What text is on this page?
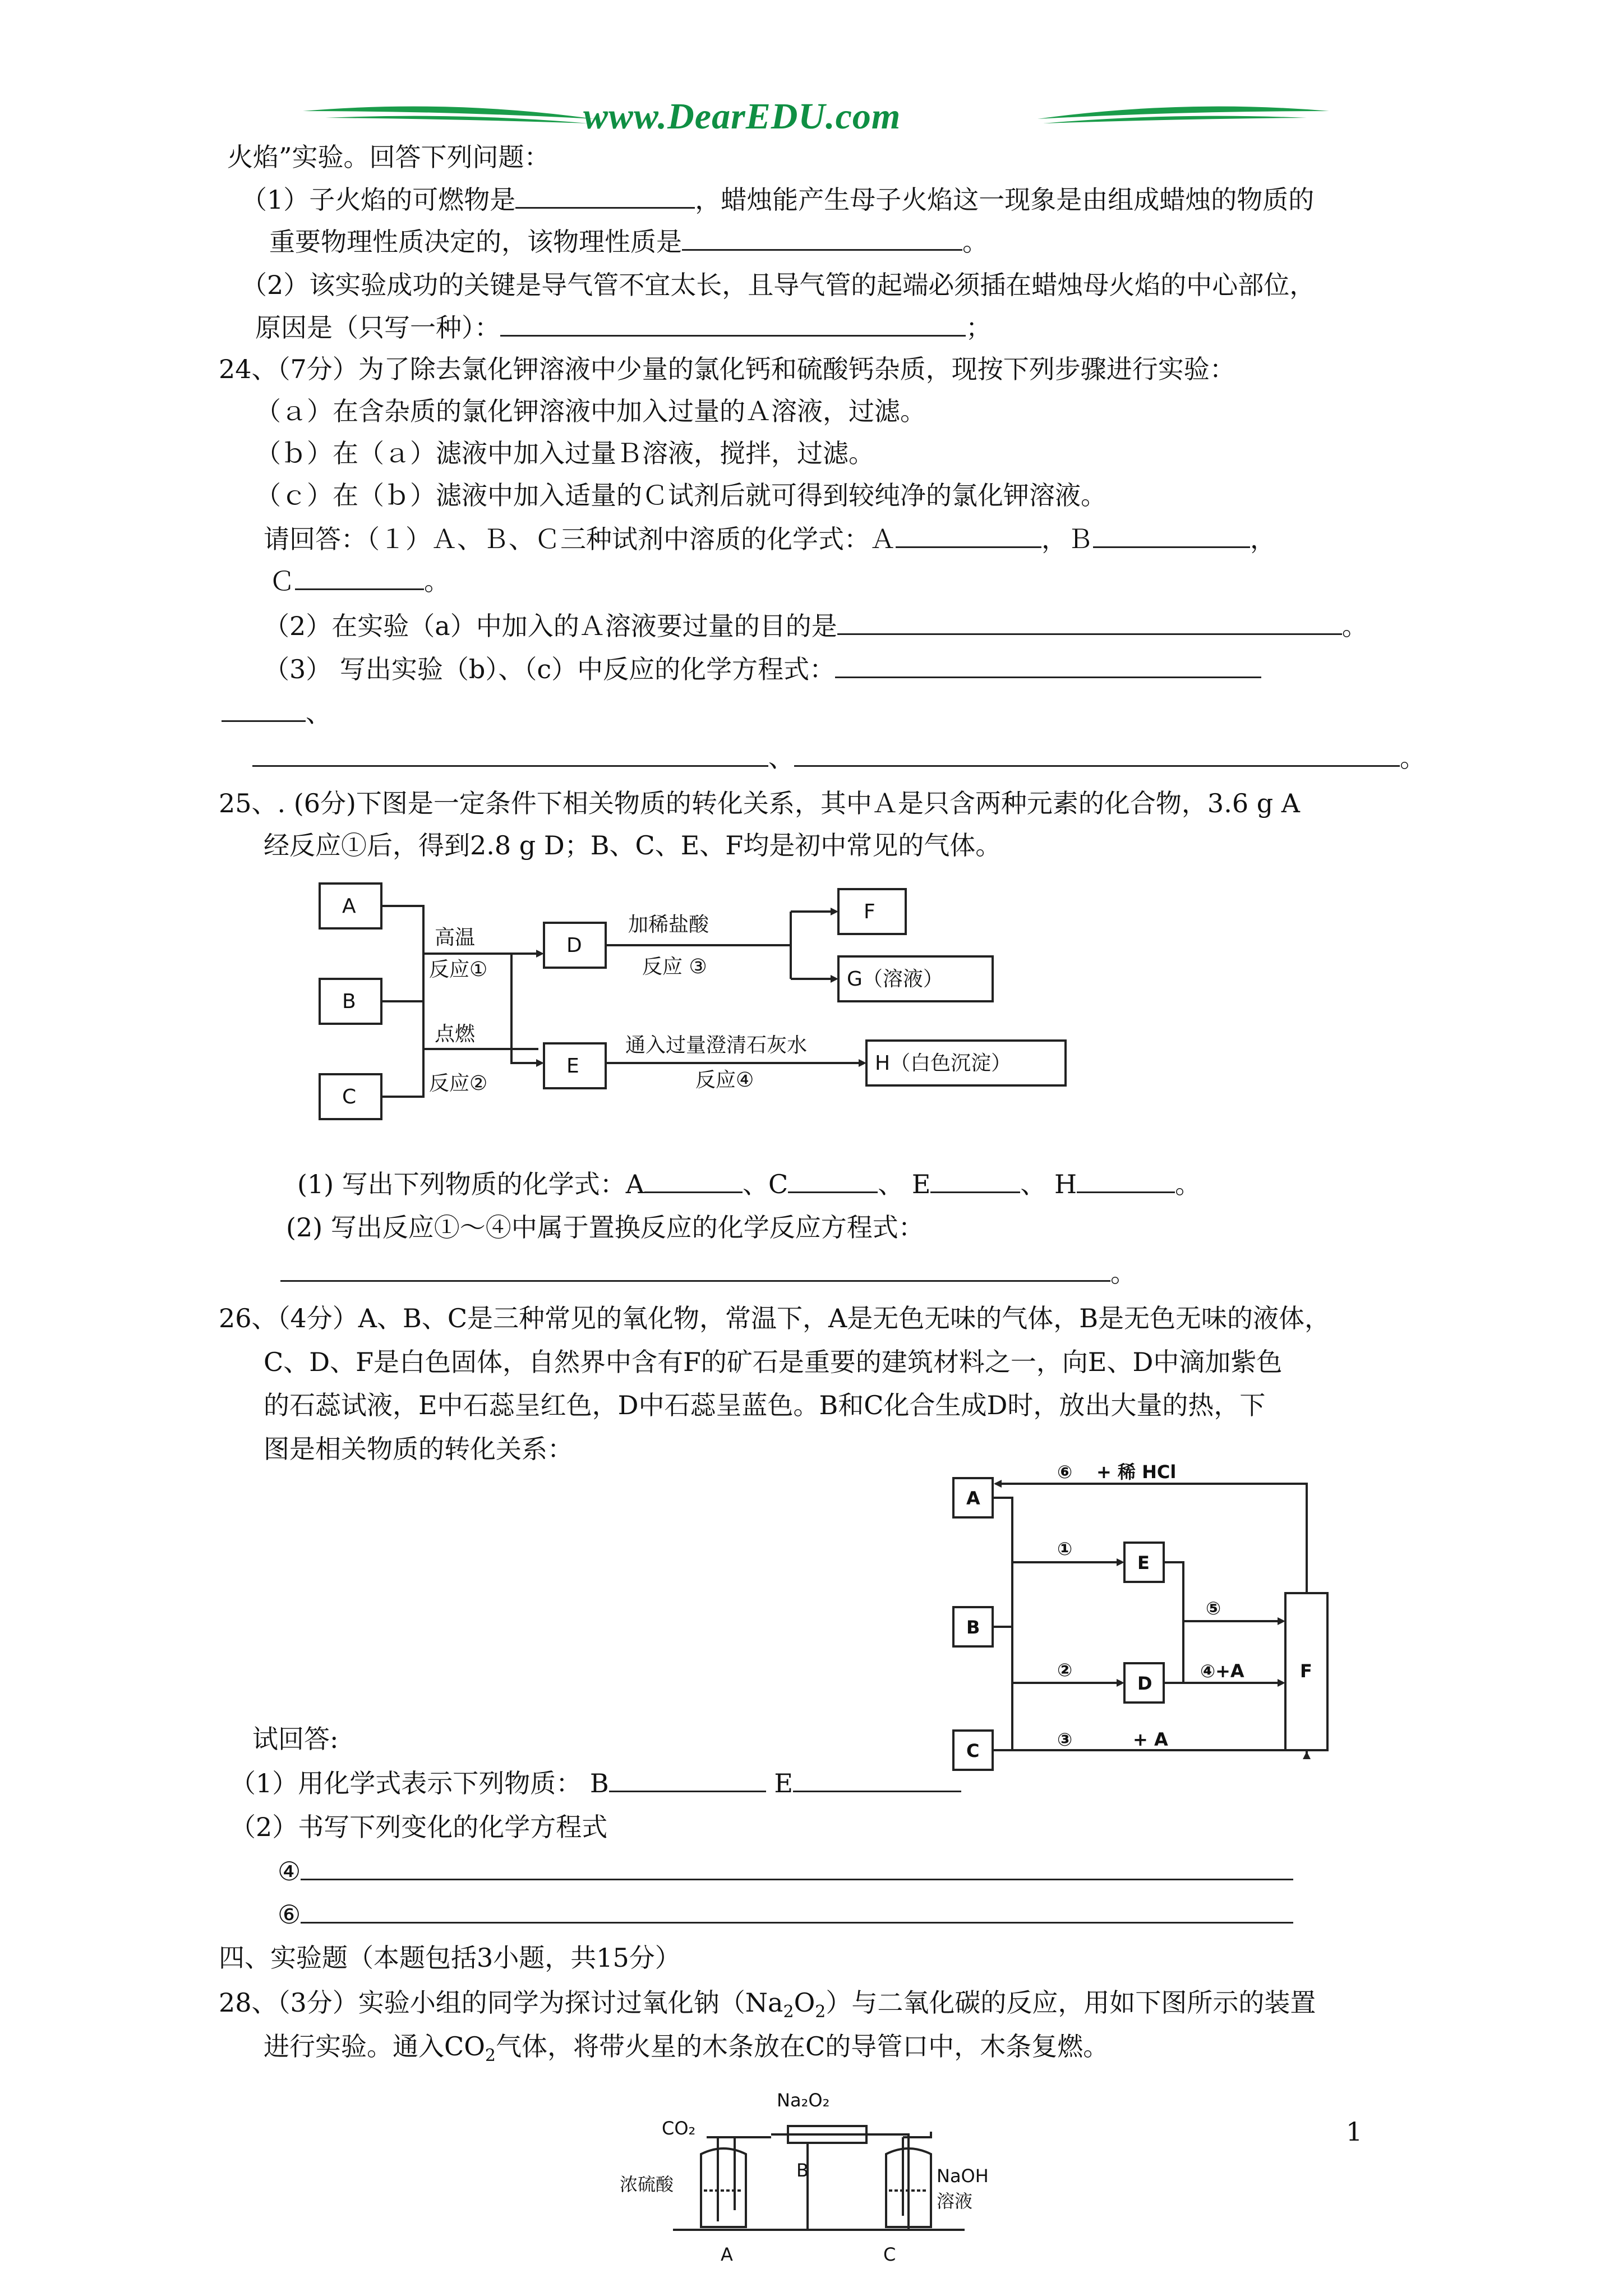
www.DearEDU.com
火焰”实验。回答下列问题：
（1）子火焰的可燃物是	，蜡烛能产生母子火焰这一现象是由组成蜡烛的物质的
重要物理性质决定的，该物理性质是	。
（2）该实验成功的关键是导气管不宜太长，且导气管的起端必须插在蜡烛母火焰的中心部位，
原因是（只写一种）：	；
24、（7分）为了除去氯化钾溶液中少量的氯化钙和硫酸钙杂质，现按下列步骤进行实验：
（ａ）在含杂质的氯化钾溶液中加入过量的Ａ溶液，过滤。
（ｂ）在（ａ）滤液中加入过量Ｂ溶液，搅拌，过滤。
（ｃ）在（ｂ）滤液中加入适量的Ｃ试剂后就可得到较纯净的氯化钾溶液。
请回答：（１）Ａ、Ｂ、Ｃ三种试剂中溶质的化学式：Ａ	，Ｂ	，
Ｃ	。
（2）在实验（a）中加入的Ａ溶液要过量的目的是	。
（3） 写出实验（b）、（c）中反应的化学方程式：
、
、	。
25、. (6分)下图是一定条件下相关物质的转化关系，其中Ａ是只含两种元素的化合物，3.6 g A
经反应①后，得到2.8 g D；B、C、E、F均是初中常见的气体。
A
B
C
D
E
F
G（溶液）
H（白色沉淀）
高温
反应①
点燃
反应②
加稀盐酸
反应 ③
通入过量澄清石灰水
反应④
(1) 写出下列物质的化学式：A	、C	、 E	、 H	。
(2) 写出反应①～④中属于置换反应的化学反应方程式：
。
26、（4分）A、B、C是三种常见的氧化物，常温下，A是无色无味的气体，B是无色无味的液体，
C、D、F是白色固体，自然界中含有F的矿石是重要的建筑材料之一，向E、D中滴加紫色
的石蕊试液，E中石蕊呈红色，D中石蕊呈蓝色。B和C化合生成D时，放出大量的热，下
图是相关物质的转化关系：
A
B
C
E
D
F
⑥ + 稀 HCl
①
②
③	+ A
⑤
④+A
试回答:
（1）用化学式表示下列物质： B	E
（2）书写下列变化的化学方程式
④
⑥
四、实验题（本题包括3小题，共15分）
28、（3分）实验小组的同学为探讨过氧化钠$(Na_2O_2)$与二氧化碳的反应，用如下图所示的装置
进行实验。通入$CO_2$气体，将带火星的木条放在C的导管口中，木条复燃。
Na₂O₂
CO₂
浓硫酸
B	NaOH
溶液
A	C
1
